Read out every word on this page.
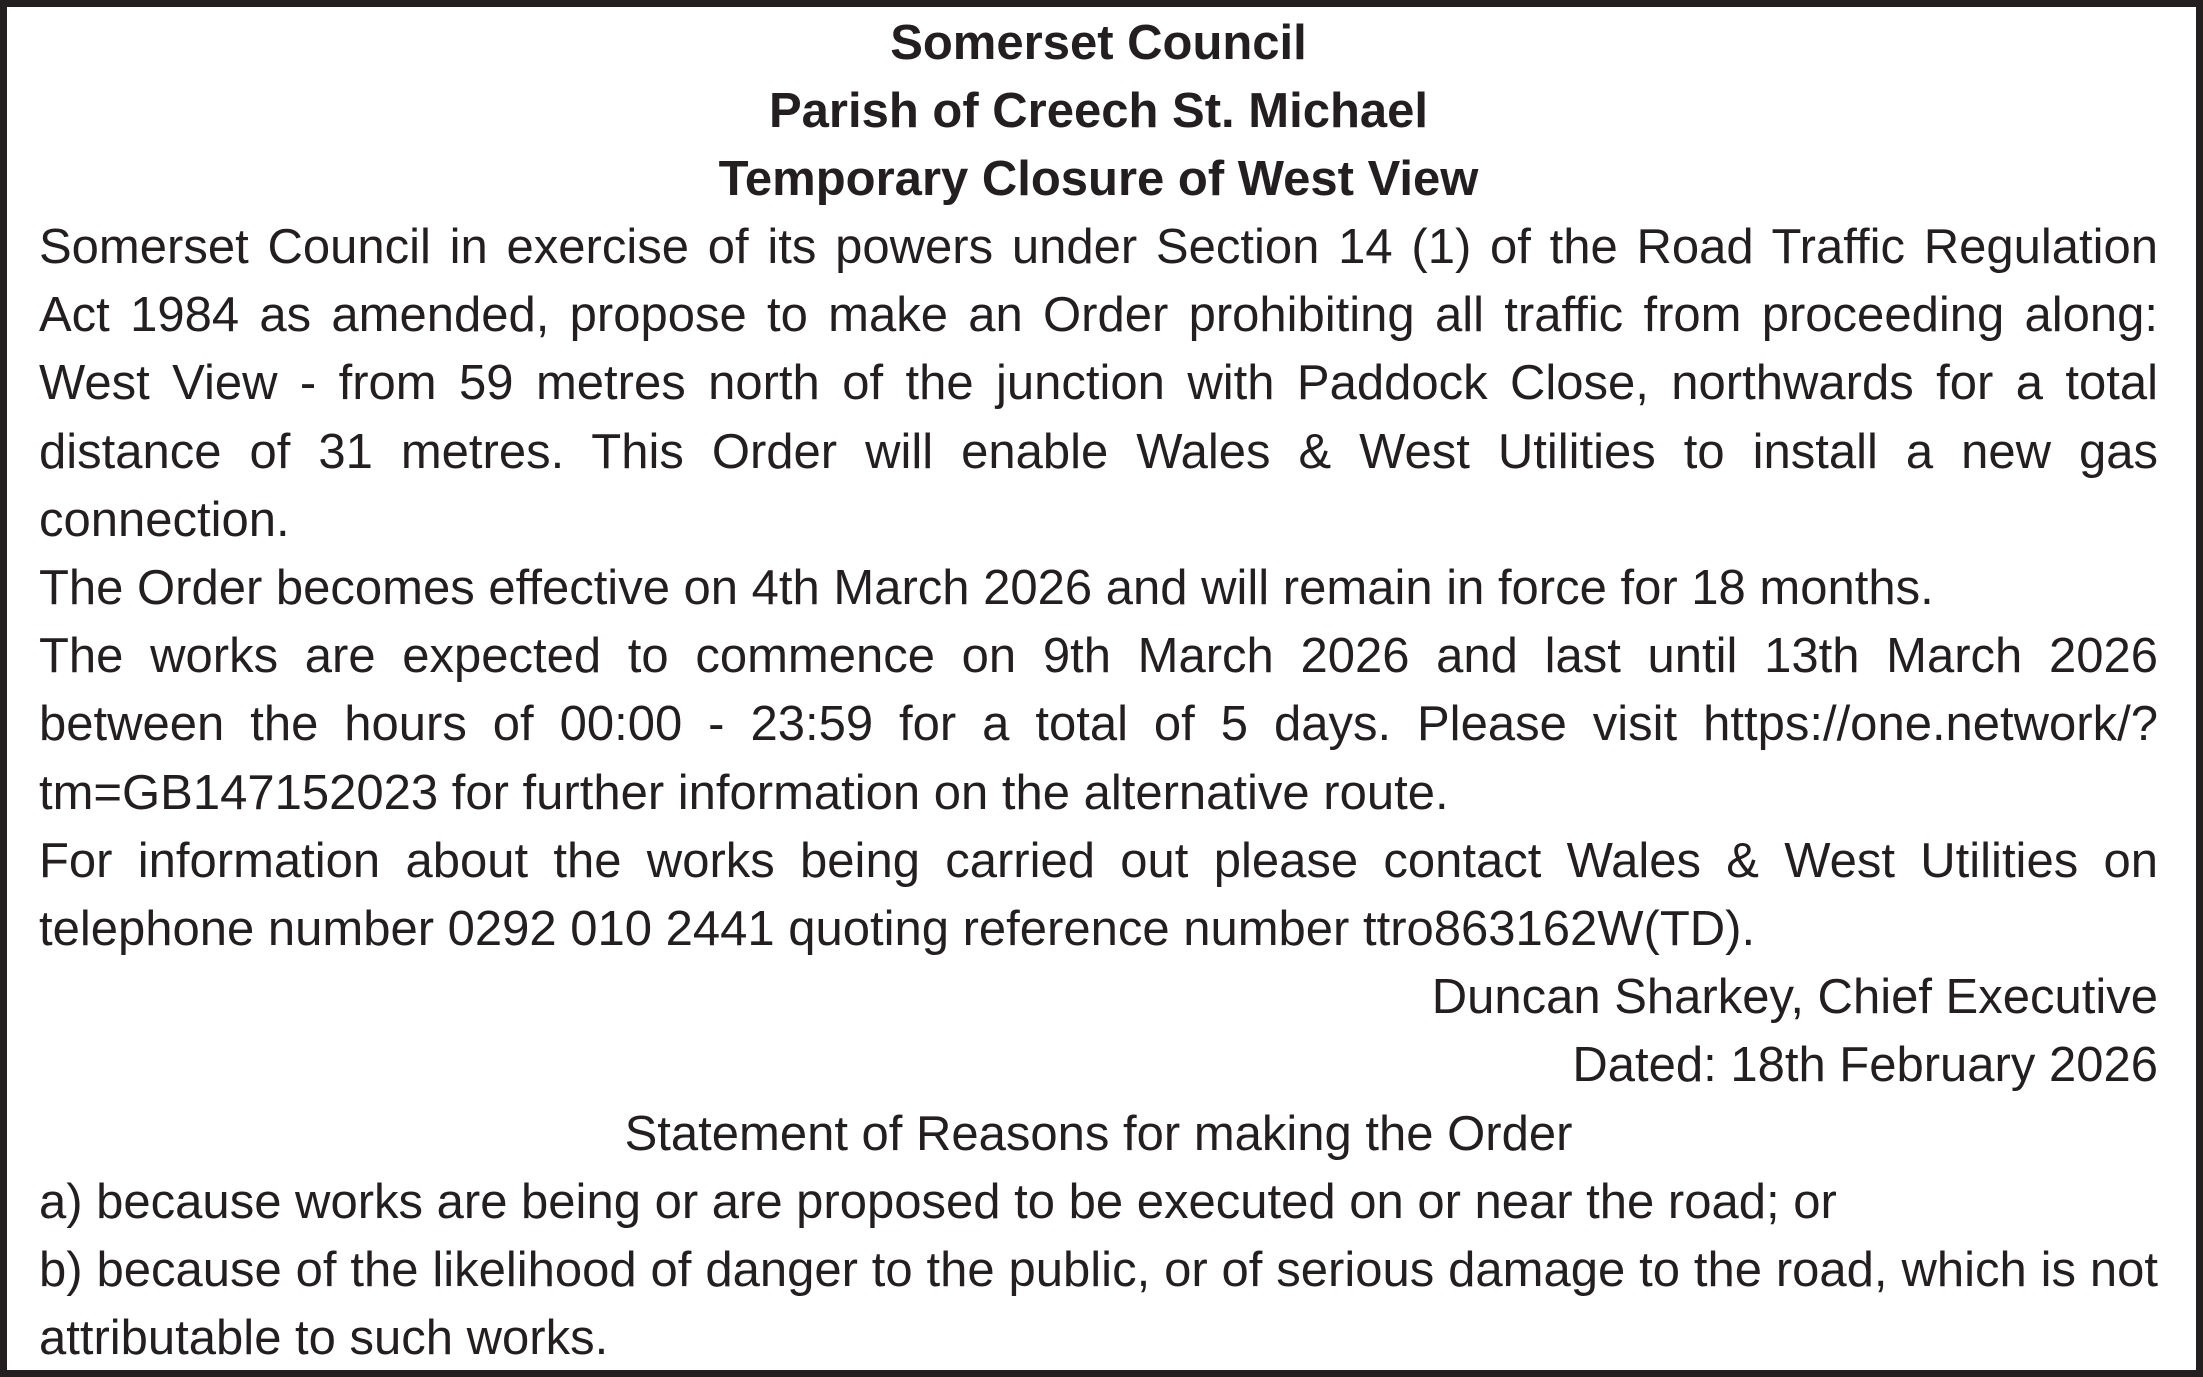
Somerset Council

Parish of Creech St. Michael

Temporary Closure of West View

Somerset Council in exercise of its powers under Section 14 (1) of the Road Traffic Regulation Act 1984 as amended, propose to make an Order prohibiting all traffic from proceeding along: West View - from 59 metres north of the junction with Paddock Close, northwards for a total distance of 31 metres. This Order will enable Wales & West Utilities to install a new gas connection.

The Order becomes effective on 4th March 2026 and will remain in force for 18 months.

The works are expected to commence on 9th March 2026 and last until 13th March 2026 between the hours of 00:00 - 23:59 for a total of 5 days. Please visit https://one.network/?tm=GB147152023 for further information on the alternative route.

For information about the works being carried out please contact Wales & West Utilities on telephone number 0292 010 2441 quoting reference number ttro863162W(TD).

Duncan Sharkey, Chief Executive

Dated: 18th February 2026

Statement of Reasons for making the Order

a) because works are being or are proposed to be executed on or near the road; or

b) because of the likelihood of danger to the public, or of serious damage to the road, which is not attributable to such works.
